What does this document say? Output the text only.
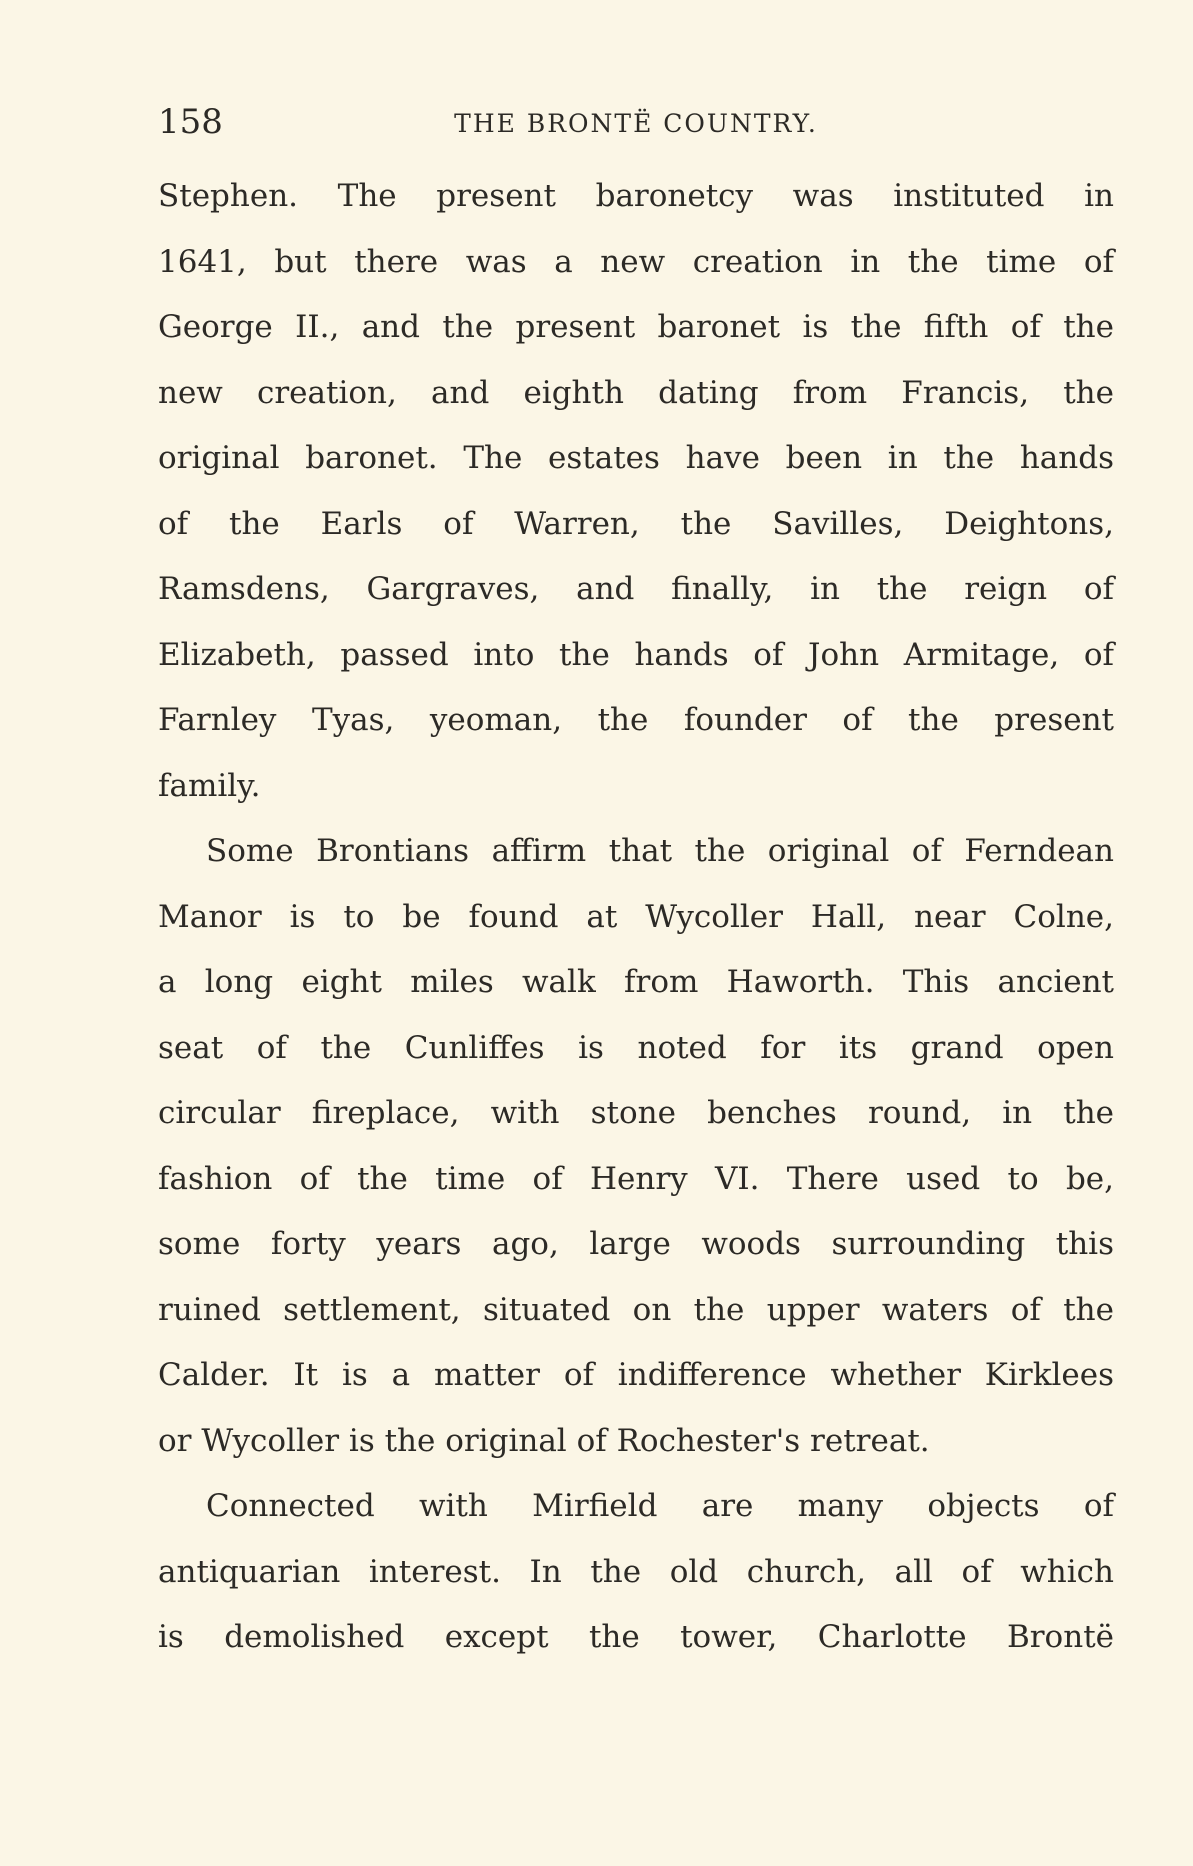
158	THE BRONTË COUNTRY.
Stephen. The present baronetcy was instituted in
1641, but there was a new creation in the time of
George II., and the present baronet is the fifth of the
new creation, and eighth dating from Francis, the
original baronet. The estates have been in the hands
of the Earls of Warren, the Savilles, Deightons,
Ramsdens, Gargraves, and finally, in the reign of
Elizabeth, passed into the hands of John Armitage, of
Farnley Tyas, yeoman, the founder of the present
family.
Some Brontians affirm that the original of Ferndean
Manor is to be found at Wycoller Hall, near Colne,
a long eight miles walk from Haworth. This ancient
seat of the Cunliffes is noted for its grand open
circular fireplace, with stone benches round, in the
fashion of the time of Henry VI. There used to be,
some forty years ago, large woods surrounding this
ruined settlement, situated on the upper waters of the
Calder. It is a matter of indifference whether Kirklees
or Wycoller is the original of Rochester's retreat.
Connected with Mirfield are many objects of
antiquarian interest. In the old church, all of which
is demolished except the tower, Charlotte Brontë
